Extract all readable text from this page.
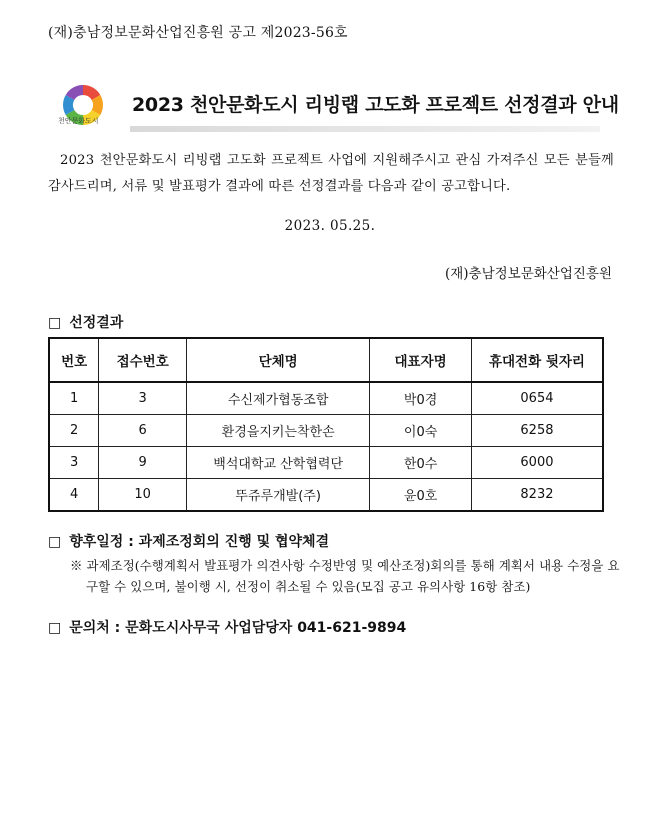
(재)충남정보문화산업진흥원 공고 제2023-56호
천안문화도시
2023 천안문화도시 리빙랩 고도화 프로젝트 선정결과 안내
2023 천안문화도시 리빙랩 고도화 프로젝트 사업에 지원해주시고 관심 가져주신 모든 분들께 감사드리며, 서류 및 발표평가 결과에 따른 선정결과를 다음과 같이 공고합니다.
2023. 05.25.
(재)충남정보문화산업진흥원
□ 선정결과
번호	접수번호	단체명	대표자명	휴대전화 뒷자리
1	3	수신제가협동조합	박0경	0654
2	6	환경을지키는착한손	이0숙	6258
3	9	백석대학교 산학협력단	한0수	6000
4	10	뚜쥬루개발(주)	윤0호	8232
□ 향후일정 : 과제조정회의 진행 및 협약체결
※ 과제조정(수행계획서 발표평가 의견사항 수정반영 및 예산조정)회의를 통해 계획서 내용 수정을 요구할 수 있으며, 불이행 시, 선정이 취소될 수 있음(모집 공고 유의사항 16항 참조)
□ 문의처 : 문화도시사무국 사업담당자 041-621-9894
